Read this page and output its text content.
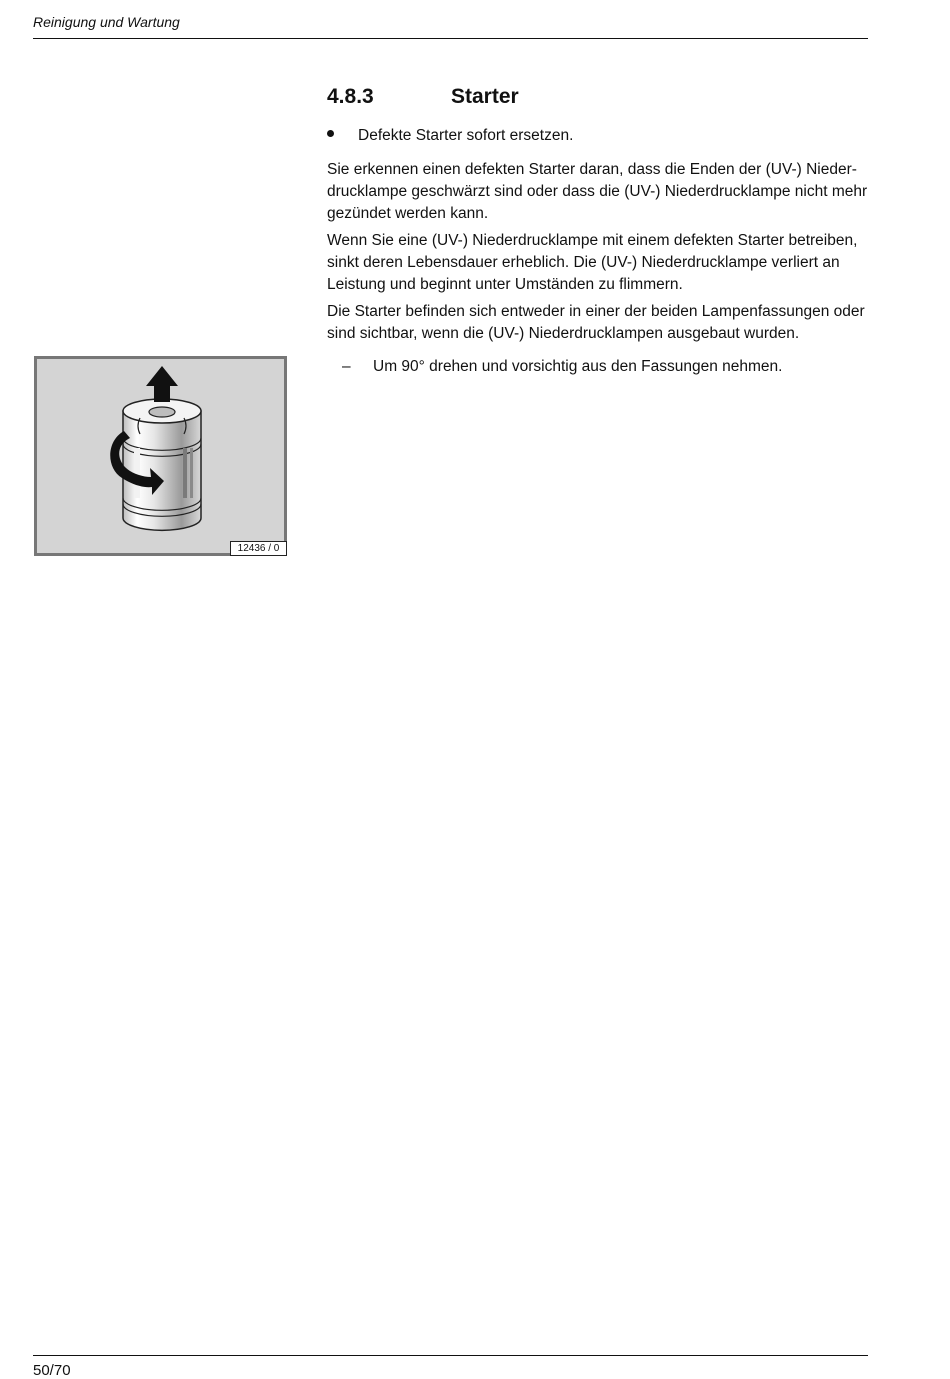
Reinigung und Wartung
4.8.3	Starter
Defekte Starter sofort ersetzen.

Sie erkennen einen defekten Starter daran, dass die Enden der (UV-) Nieder-drucklampe geschwärzt sind oder dass die (UV-) Niederdrucklampe nicht mehr gezündet werden kann.

Wenn Sie eine (UV-) Niederdrucklampe mit einem defekten Starter betreiben, sinkt deren Lebensdauer erheblich. Die (UV-) Niederdrucklampe verliert an Leistung und beginnt unter Umständen zu flimmern.

Die Starter befinden sich entweder in einer der beiden Lampenfassungen oder sind sichtbar, wenn die (UV-) Niederdrucklampen ausgebaut wurden.

12436 / 0
– Um 90° drehen und vorsichtig aus den Fassungen nehmen.
50/70
